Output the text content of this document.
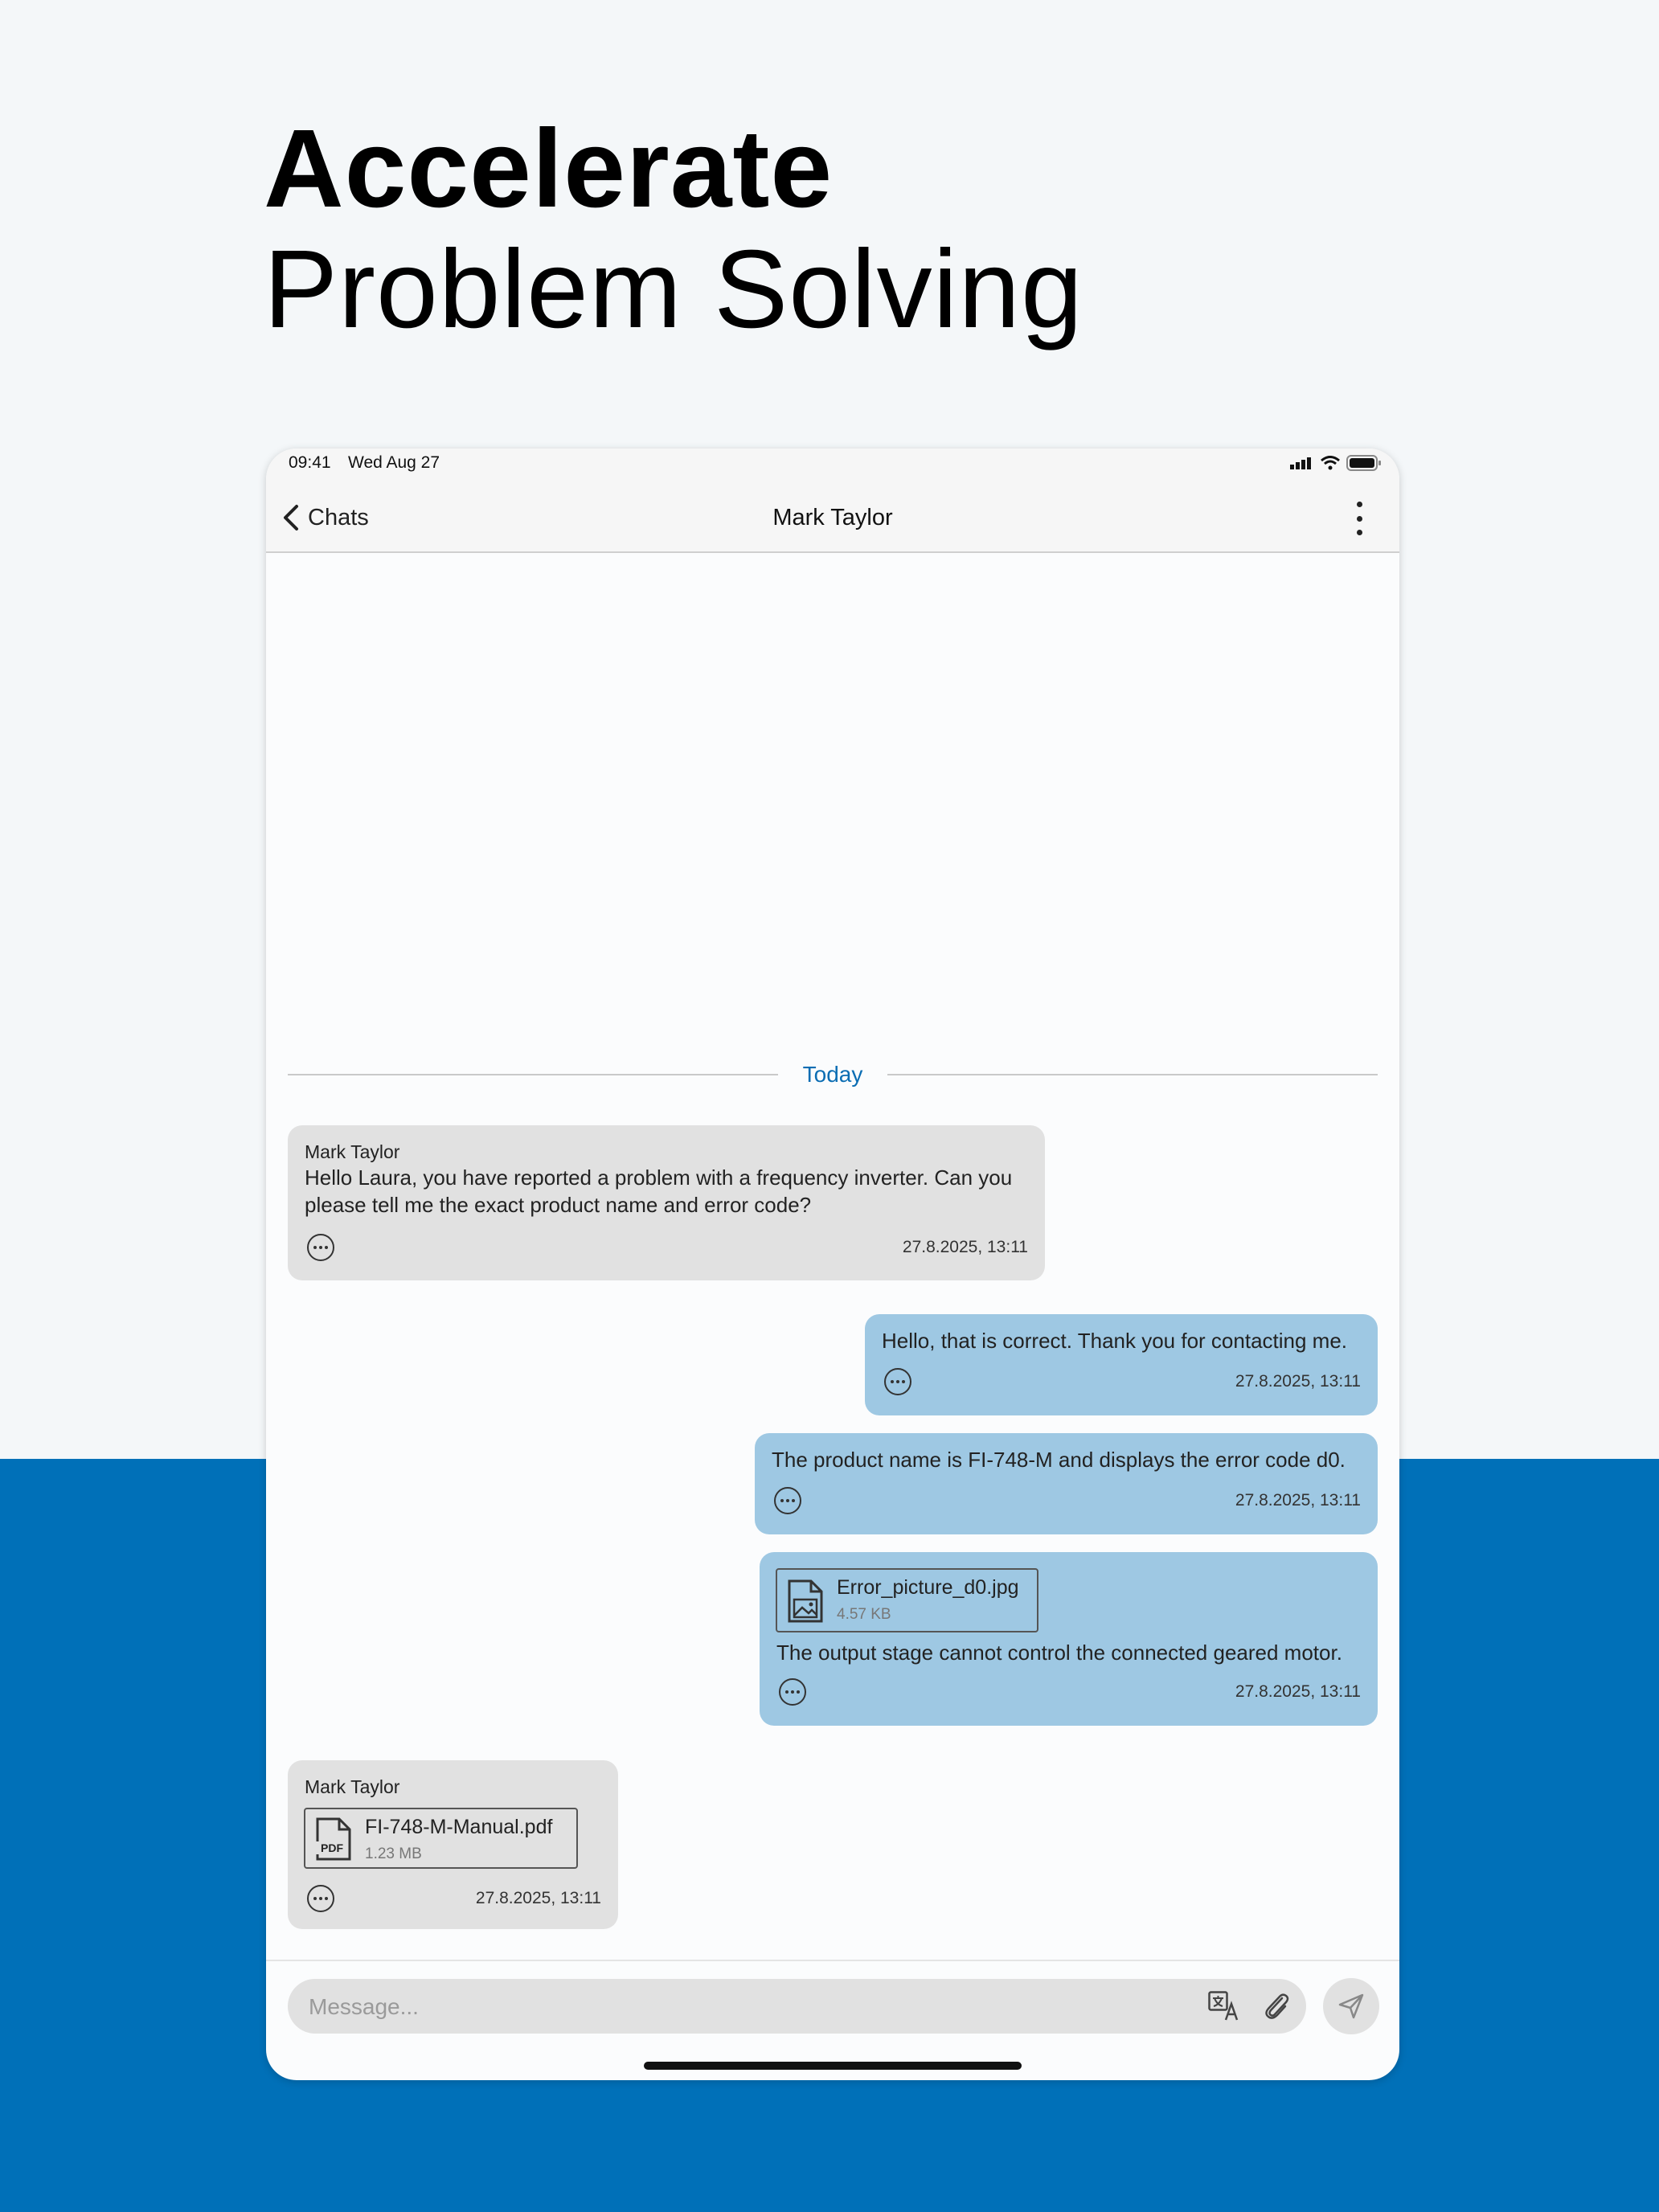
Accelerate
Problem Solving
09:41 Wed Aug 27
Mark Taylor
Chats
Today
Mark Taylor
Hello Laura, you have reported a problem with a frequency inverter. Can you
please tell me the exact product name and error code?
27.8.2025, 13:11
Hello, that is correct. Thank you for contacting me.
27.8.2025, 13:11
The product name is FI-748-M and displays the error code d0.
27.8.2025, 13:11
Error_picture_d0.jpg
4.57 KB
The output stage cannot control the connected geared motor.
27.8.2025, 13:11
Mark Taylor
PDF
FI-748-M-Manual.pdf
1.23 MB
27.8.2025, 13:11
Message...
